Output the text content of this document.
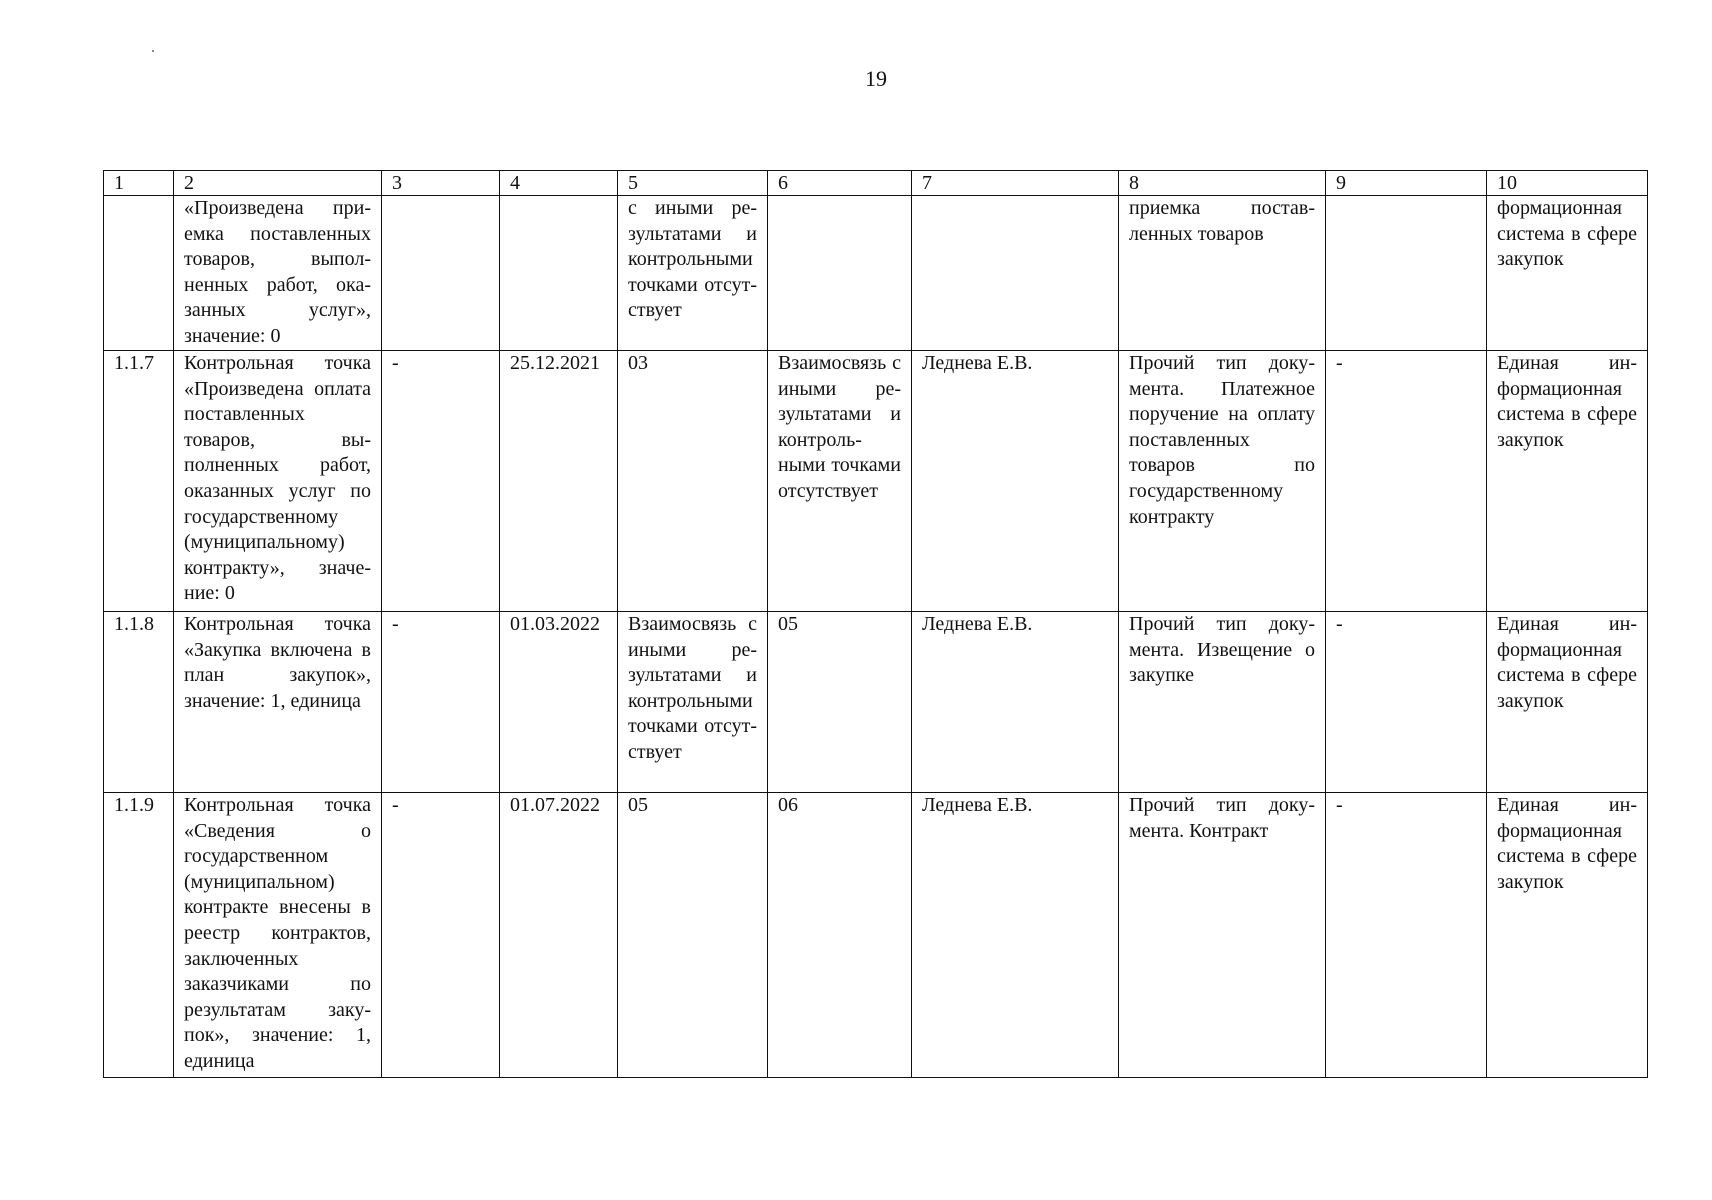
19
1	2	3	4	5	6	7	8	9	10
	«Произведена приемка поставленных товаров, выполненных работ, оказанных услуг», значение: 0			с иными результатами и контрольными точками отсутствует			приемка поставленных товаров		формационная система в сфере закупок
1.1.7	Контрольная точка «Произведена оплата поставленных товаров, выполненных работ, оказанных услуг по государственному (муниципальному) контракту», значение: 0	-	25.12.2021	03	Взаимосвязь с иными результатами и контрольными точками отсутствует	Леднева Е.В.	Прочий тип документа. Платежное поручение на оплату поставленных товаров по государственному контракту	-	Единая информационная система в сфере закупок
1.1.8	Контрольная точка «Закупка включена в план закупок», значение: 1, единица	-	01.03.2022	Взаимосвязь с иными результатами и контрольными точками отсутствует	05	Леднева Е.В.	Прочий тип документа. Извещение о закупке	-	Единая информационная система в сфере закупок
1.1.9	Контрольная точка «Сведения о государственном (муниципальном) контракте внесены в реестр контрактов, заключенных заказчиками по результатам закупок», значение: 1, единица	-	01.07.2022	05	06	Леднева Е.В.	Прочий тип документа. Контракт	-	Единая информационная система в сфере закупок
